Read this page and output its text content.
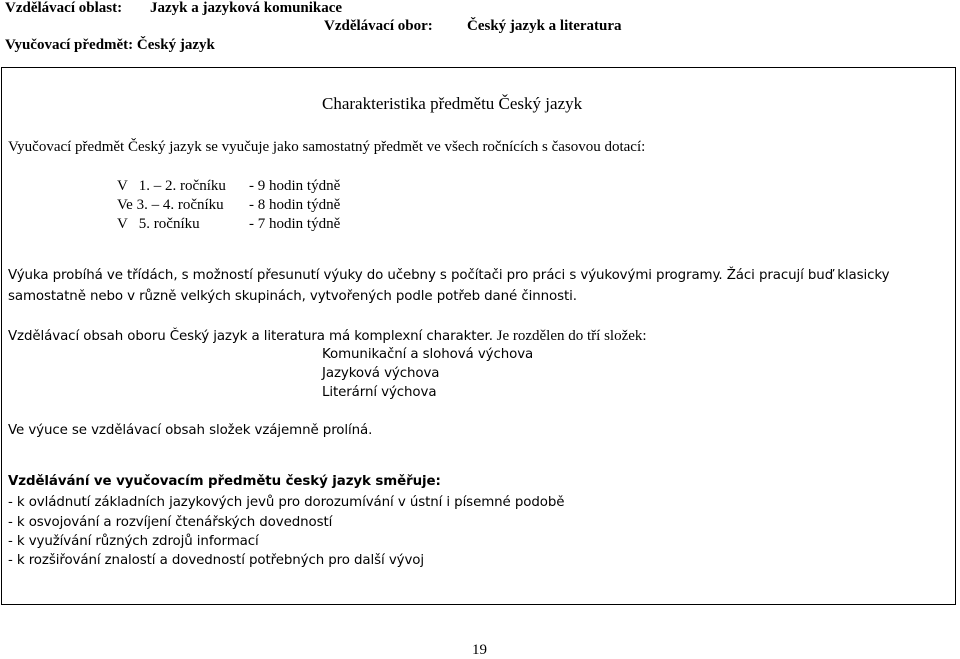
Vzdělávací oblast: Jazyk a jazyková komunikace
Vzdělávací obor: Český jazyk a literatura
Vyučovací předmět: Český jazyk
Charakteristika předmětu Český jazyk
Vyučovací předmět Český jazyk se vyučuje jako samostatný předmět ve všech ročnících s časovou dotací:
V   1. – 2. ročníku - 9 hodin týdně
Ve 3. – 4. ročníku - 8 hodin týdně
V   5. ročníku	- 7 hodin týdně
Výuka probíhá ve třídách, s možností přesunutí výuky do učebny s počítači pro práci s výukovými programy. Žáci pracují buď klasicky
samostatně nebo v různě velkých skupinách, vytvořených podle potřeb dané činnosti.
Vzdělávací obsah oboru Český jazyk a literatura má komplexní charakter. Je rozdělen do tří složek:
Komunikační a slohová výchova
Jazyková výchova
Literární výchova
Ve výuce se vzdělávací obsah složek vzájemně prolíná.
Vzdělávání ve vyučovacím předmětu český jazyk směřuje:
- k ovládnutí základních jazykových jevů pro dorozumívání v ústní i písemné podobě
- k osvojování a rozvíjení čtenářských dovedností
- k využívání různých zdrojů informací
- k rozšiřování znalostí a dovedností potřebných pro další vývoj
19
